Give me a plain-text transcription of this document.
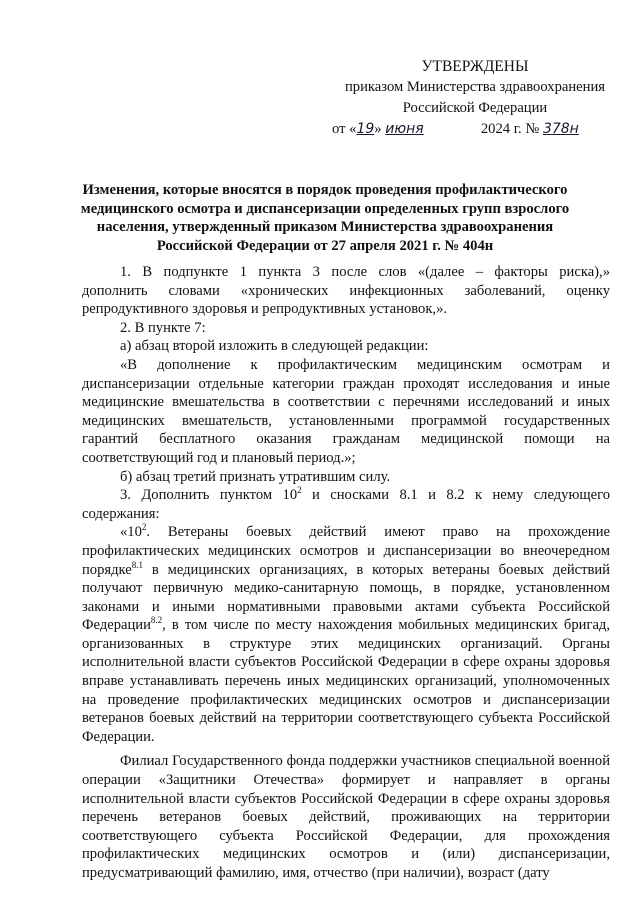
УТВЕРЖДЕНЫ
приказом Министерства здравоохранения
Российской Федерации
от «19» июня	2024 г. № 378н
Изменения, которые вносятся в порядок проведения профилактического медицинского осмотра и диспансеризации определенных групп взрослого населения, утвержденный приказом Министерства здравоохранения Российской Федерации от 27 апреля 2021 г. № 404н

1. В подпункте 1 пункта 3 после слов «(далее – факторы риска),»

дополнить словами «хронических инфекционных заболеваний, оценку

репродуктивного здоровья и репродуктивных установок,».

2. В пункте 7:

а) абзац второй изложить в следующей редакции:

«В дополнение к профилактическим медицинским осмотрам и диспансеризации отдельные категории граждан проходят исследования и иные медицинские вмешательства в соответствии с перечнями исследований и иных медицинских вмешательств, установленными программой государственных гарантий бесплатного оказания гражданам медицинской помощи на соответствующий год и плановый период.»;

б) абзац третий признать утратившим силу.

3. Дополнить пунктом $10^2$ и сносками 8.1 и 8.2 к нему следующего содержания:

«$10^2$. Ветераны боевых действий имеют право на прохождение профилактических медицинских осмотров и диспансеризации во внеочередном порядке$^{8.1}$ в медицинских организациях, в которых ветераны боевых действий получают первичную медико-санитарную помощь, в порядке, установленном законами и иными нормативными правовыми актами субъекта Российской Федерации$^{8.2}$, в том числе по месту нахождения мобильных медицинских бригад, организованных в структуре этих медицинских организаций. Органы исполнительной власти субъектов Российской Федерации в сфере охраны здоровья вправе устанавливать перечень иных медицинских организаций, уполномоченных на проведение профилактических медицинских осмотров и диспансеризации ветеранов боевых действий на территории соответствующего субъекта Российской Федерации.

Филиал Государственного фонда поддержки участников специальной военной операции «Защитники Отечества» формирует и направляет в органы исполнительной власти субъектов Российской Федерации в сфере охраны здоровья перечень ветеранов боевых действий, проживающих на территории соответствующего субъекта Российской Федерации, для прохождения профилактических медицинских осмотров и (или) диспансеризации, предусматривающий фамилию, имя, отчество (при наличии), возраст (дату
